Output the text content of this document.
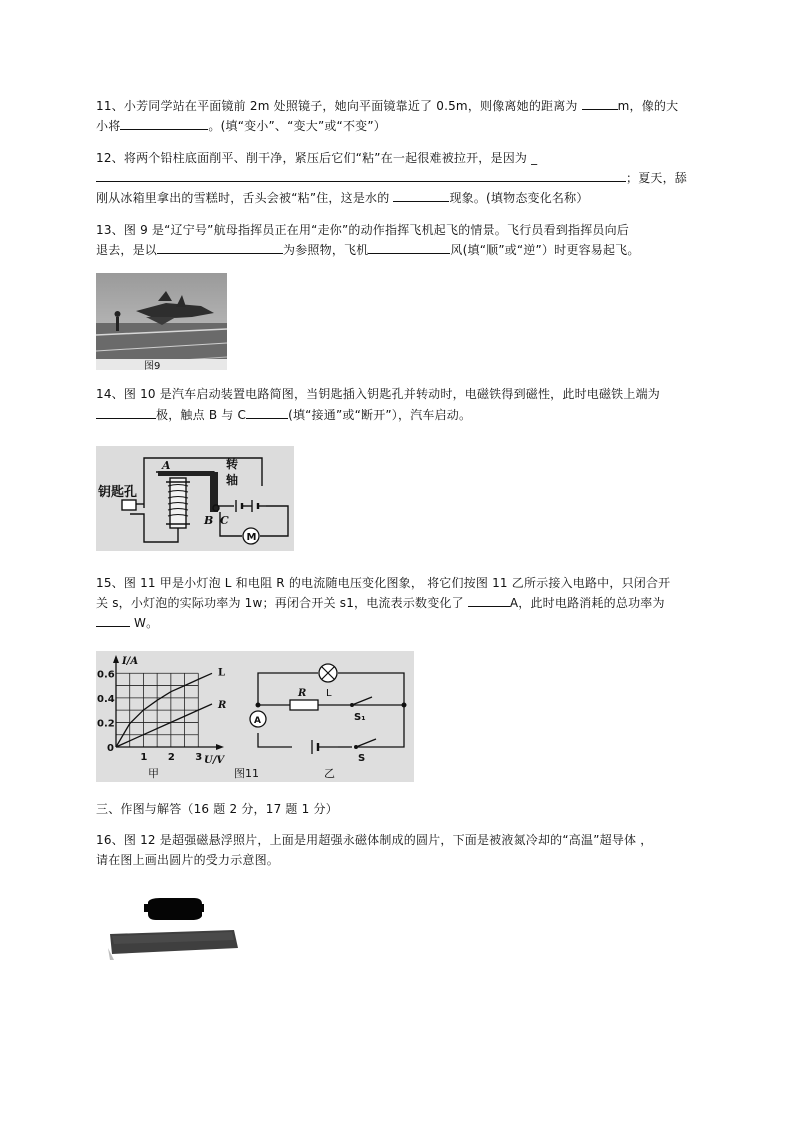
11、小芳同学站在平面镜前 2m 处照镜子，她向平面镜靠近了 0.5m，则像离她的距离为	m，像的大
小将	。(填“变小”、“变大”或“不变”）
12、将两个铅柱底面削平、削干净，紧压后它们“粘”在一起很难被拉开，是因为 _
；夏天，舔
刚从冰箱里拿出的雪糕时，舌头会被“粘”住，这是水的	现象。(填物态变化名称）
13、图 9 是“辽宁号”航母指挥员正在用“走你”的动作指挥飞机起飞的情景。飞行员看到指挥员向后
退去，是以	为参照物，飞机	风(填“顺”或“逆”）时更容易起飞。
图9
14、图 10 是汽车启动装置电路简图，当钥匙插入钥匙孔并转动时，电磁铁得到磁性，此时电磁铁上端为
极，触点 B 与 C	(填“接通”或“断开”），汽车启动。
M
钥匙孔
A
B C
转
轴
15、图 11 甲是小灯泡 L 和电阻 R 的电流随电压变化图象， 将它们按图 11 乙所示接入电路中，只闭合开
关 s，小灯泡的实际功率为 1w；再闭合开关 s1，电流表示数变化了	A，此时电路消耗的总功率为
W。
L
R
1 2 3
0
0.2
0.4
0.6
I/A
U/V
甲	图11	乙
A
L
R
S₁
S
三、作图与解答（16 题 2 分，17 题 1 分）
16、图 12 是超强磁悬浮照片，上面是用超强永磁体制成的圆片，下面是被液氮冷却的“高温”超导体 ，
请在图上画出圆片的受力示意图。
